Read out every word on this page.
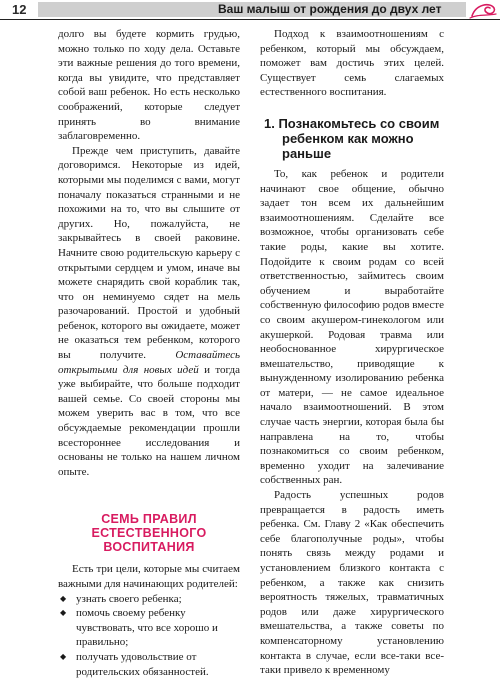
12	Ваш малыш от рождения до двух лет

долго вы будете кормить грудью, можно только по ходу дела. Оставьте эти важные решения до того времени, когда вы увидите, что представляет собой ваш ребенок. Но есть несколько соображений, которые следует принять во внимание заблаговременно.

Прежде чем приступить, давайте договоримся. Некоторые из идей, которыми мы поделимся с вами, могут поначалу показаться странными и не похожими на то, что вы слышите от других. Но, пожалуйста, не закрывайтесь в своей раковине. Начните свою родительскую карьеру с открытыми сердцем и умом, иначе вы можете снарядить свой кораблик так, что он неминуемо сядет на мель разочарований. Простой и удобный ребенок, которого вы ожидаете, может не оказаться тем ребенком, которого вы получите. Оставайтесь открытыми для новых идей и тогда уже выбирайте, что больше подходит вашей семье. Со своей стороны мы можем уверить вас в том, что все обсуждаемые рекомендации прошли всестороннее исследования и основаны не только на нашем личном опыте.

СЕМЬ ПРАВИЛ
ЕСТЕСТВЕННОГО
ВОСПИТАНИЯ

Есть три цели, которые мы считаем важными для начинающих родителей:

◆ узнать своего ребенка;
◆ помочь своему ребенку чувствовать, что все хорошо и правильно;
◆ получать удовольствие от родительских обязанностей.

Подход к взаимоотношениям с ребенком, который мы обсуждаем, поможет вам достичь этих целей. Существует семь слагаемых естественного воспитания.

1. Познакомьтесь со своим
ребенком как можно
раньше

То, как ребенок и родители начинают свое общение, обычно задает тон всем их дальнейшим взаимоотношениям. Сделайте все возможное, чтобы организовать себе такие роды, какие вы хотите. Подойдите к своим родам со всей ответственностью, займитесь своим обучением и выработайте собственную философию родов вместе со своим акушером-гинекологом или акушеркой. Родовая травма или необоснованное хирургическое вмешательство, приводящие к вынужденному изолированию ребенка от матери, — не самое идеальное начало взаимоотношений. В этом случае часть энергии, которая была бы направлена на то, чтобы познакомиться со своим ребенком, временно уходит на залечивание собственных ран.

Радость успешных родов превращается в радость иметь ребенка. См. Главу 2 «Как обеспечить себе благополучные роды», чтобы понять связь между родами и установлением близкого контакта с ребенком, а также как снизить вероятность тяжелых, травматичных родов или даже хирургического вмешательства, а также советы по компенсаторному установлению контакта в случае, если все-таки все-таки привело к временному
